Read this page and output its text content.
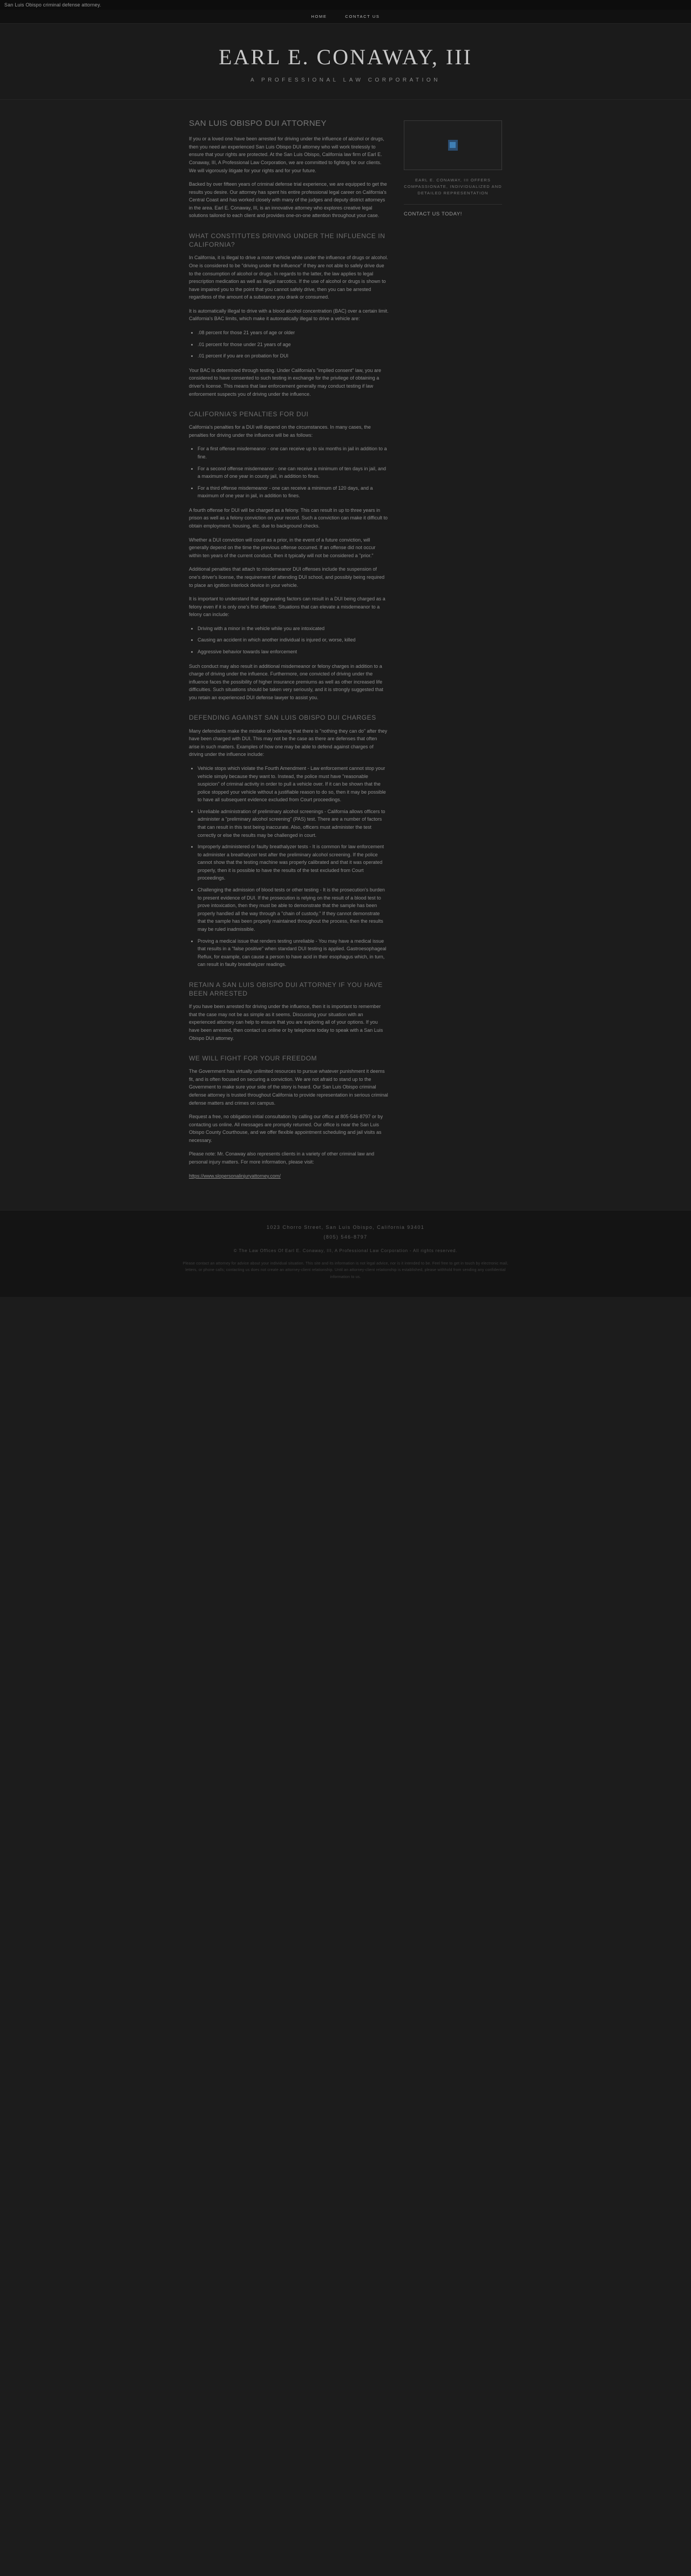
San Luis Obispo criminal defense attorney.
HOME	CONTACT US
EARL E. CONAWAY, III
A PROFESSIONAL LAW CORPORATION
SAN LUIS OBISPO DUI ATTORNEY

If you or a loved one have been arrested for driving under the influence of alcohol or drugs, then you need an experienced San Luis Obispo DUI attorney who will work tirelessly to ensure that your rights are protected. At the San Luis Obispo, California law firm of Earl E. Conaway, III, A Professional Law Corporation, we are committed to fighting for our clients. We will vigorously litigate for your rights and for your future.

Backed by over fifteen years of criminal defense trial experience, we are equipped to get the results you desire. Our attorney has spent his entire professional legal career on California's Central Coast and has worked closely with many of the judges and deputy district attorneys in the area. Earl E. Conaway, III, is an innovative attorney who explores creative legal solutions tailored to each client and provides one-on-one attention throughout your case.

WHAT CONSTITUTES DRIVING UNDER THE INFLUENCE IN CALIFORNIA?

In California, it is illegal to drive a motor vehicle while under the influence of drugs or alcohol. One is considered to be "driving under the influence" if they are not able to safely drive due to the consumption of alcohol or drugs. In regards to the latter, the law applies to legal prescription medication as well as illegal narcotics. If the use of alcohol or drugs is shown to have impaired you to the point that you cannot safely drive, then you can be arrested regardless of the amount of a substance you drank or consumed.

It is automatically illegal to drive with a blood alcohol concentration (BAC) over a certain limit. California's BAC limits, which make it automatically illegal to drive a vehicle are:

• .08 percent for those 21 years of age or older
• .01 percent for those under 21 years of age
• .01 percent if you are on probation for DUI

Your BAC is determined through testing. Under California's "implied consent" law, you are considered to have consented to such testing in exchange for the privilege of obtaining a driver's license. This means that law enforcement generally may conduct testing if law enforcement suspects you of driving under the influence.

CALIFORNIA'S PENALTIES FOR DUI

California's penalties for a DUI will depend on the circumstances. In many cases, the penalties for driving under the influence will be as follows:

• For a first offense misdemeanor - one can receive up to six months in jail in addition to a fine.
• For a second offense misdemeanor - one can receive a minimum of ten days in jail, and a maximum of one year in county jail, in addition to fines.
• For a third offense misdemeanor - one can receive a minimum of 120 days, and a maximum of one year in jail, in addition to fines.

A fourth offense for DUI will be charged as a felony. This can result in up to three years in prison as well as a felony conviction on your record. Such a conviction can make it difficult to obtain employment, housing, etc. due to background checks.

Whether a DUI conviction will count as a prior, in the event of a future conviction, will generally depend on the time the previous offense occurred. If an offense did not occur within ten years of the current conduct, then it typically will not be considered a "prior."

Additional penalties that attach to misdemeanor DUI offenses include the suspension of one's driver's license, the requirement of attending DUI school, and possibly being required to place an ignition interlock device in your vehicle.

It is important to understand that aggravating factors can result in a DUI being charged as a felony even if it is only one's first offense. Situations that can elevate a misdemeanor to a felony can include:

• Driving with a minor in the vehicle while you are intoxicated
• Causing an accident in which another individual is injured or, worse, killed
• Aggressive behavior towards law enforcement

Such conduct may also result in additional misdemeanor or felony charges in addition to a charge of driving under the influence. Furthermore, one convicted of driving under the influence faces the possibility of higher insurance premiums as well as other increased life difficulties. Such situations should be taken very seriously, and it is strongly suggested that you retain an experienced DUI defense lawyer to assist you.

DEFENDING AGAINST SAN LUIS OBISPO DUI CHARGES

Many defendants make the mistake of believing that there is "nothing they can do" after they have been charged with DUI. This may not be the case as there are defenses that often arise in such matters. Examples of how one may be able to defend against charges of driving under the influence include:

• Vehicle stops which violate the Fourth Amendment - Law enforcement cannot stop your vehicle simply because they want to. Instead, the police must have "reasonable suspicion" of criminal activity in order to pull a vehicle over. If it can be shown that the police stopped your vehicle without a justifiable reason to do so, then it may be possible to have all subsequent evidence excluded from Court proceedings.
• Unreliable administration of preliminary alcohol screenings - California allows officers to administer a "preliminary alcohol screening" (PAS) test. There are a number of factors that can result in this test being inaccurate. Also, officers must administer the test correctly or else the results may be challenged in court.
• Improperly administered or faulty breathalyzer tests - It is common for law enforcement to administer a breathalyzer test after the preliminary alcohol screening. If the police cannot show that the testing machine was properly calibrated and that it was operated properly, then it is possible to have the results of the test excluded from Court proceedings.
• Challenging the admission of blood tests or other testing - It is the prosecution's burden to present evidence of DUI. If the prosecution is relying on the result of a blood test to prove intoxication, then they must be able to demonstrate that the sample has been properly handled all the way through a "chain of custody." If they cannot demonstrate that the sample has been properly maintained throughout the process, then the results may be ruled inadmissible.
• Proving a medical issue that renders testing unreliable - You may have a medical issue that results in a "false positive" when standard DUI testing is applied. Gastroesophageal Reflux, for example, can cause a person to have acid in their esophagus which, in turn, can result in faulty breathalyzer readings.
RETAIN A SAN LUIS OBISPO DUI ATTORNEY IF YOU HAVE BEEN ARRESTED

If you have been arrested for driving under the influence, then it is important to remember that the case may not be as simple as it seems. Discussing your situation with an experienced attorney can help to ensure that you are exploring all of your options. If you have been arrested, then contact us online or by telephone today to speak with a San Luis Obispo DUI attorney.

WE WILL FIGHT FOR YOUR FREEDOM

The Government has virtually unlimited resources to pursue whatever punishment it deems fit, and is often focused on securing a conviction. We are not afraid to stand up to the Government to make sure your side of the story is heard. Our San Luis Obispo criminal defense attorney is trusted throughout California to provide representation in serious criminal defense matters and crimes on campus.

Request a free, no obligation initial consultation by calling our office at 805-546-8797 or by contacting us online. All messages are promptly returned. Our office is near the San Luis Obispo County Courthouse, and we offer flexible appointment scheduling and jail visits as necessary.

Please note: Mr. Conaway also represents clients in a variety of other criminal law and personal injury matters. For more information, please visit:

https://www.slopersonalinjuryattorney.com/

EARL E. CONAWAY, III OFFERS COMPASSIONATE, INDIVIDUALIZED AND DETAILED REPRESENTATION
CONTACT US TODAY!
1023 Chorro Street, San Luis Obispo, California 93401
(805) 546-8797
© The Law Offices Of Earl E. Conaway, III, A Professional Law Corporation - All rights reserved.
Please contact an attorney for advice about your individual situation. This site and its information is not legal advice, nor is it intended to be. Feel free to get in touch by electronic mail, letters, or phone calls; contacting us does not create an attorney-client relationship. Until an attorney-client relationship is established, please withhold from sending any confidential information to us.
